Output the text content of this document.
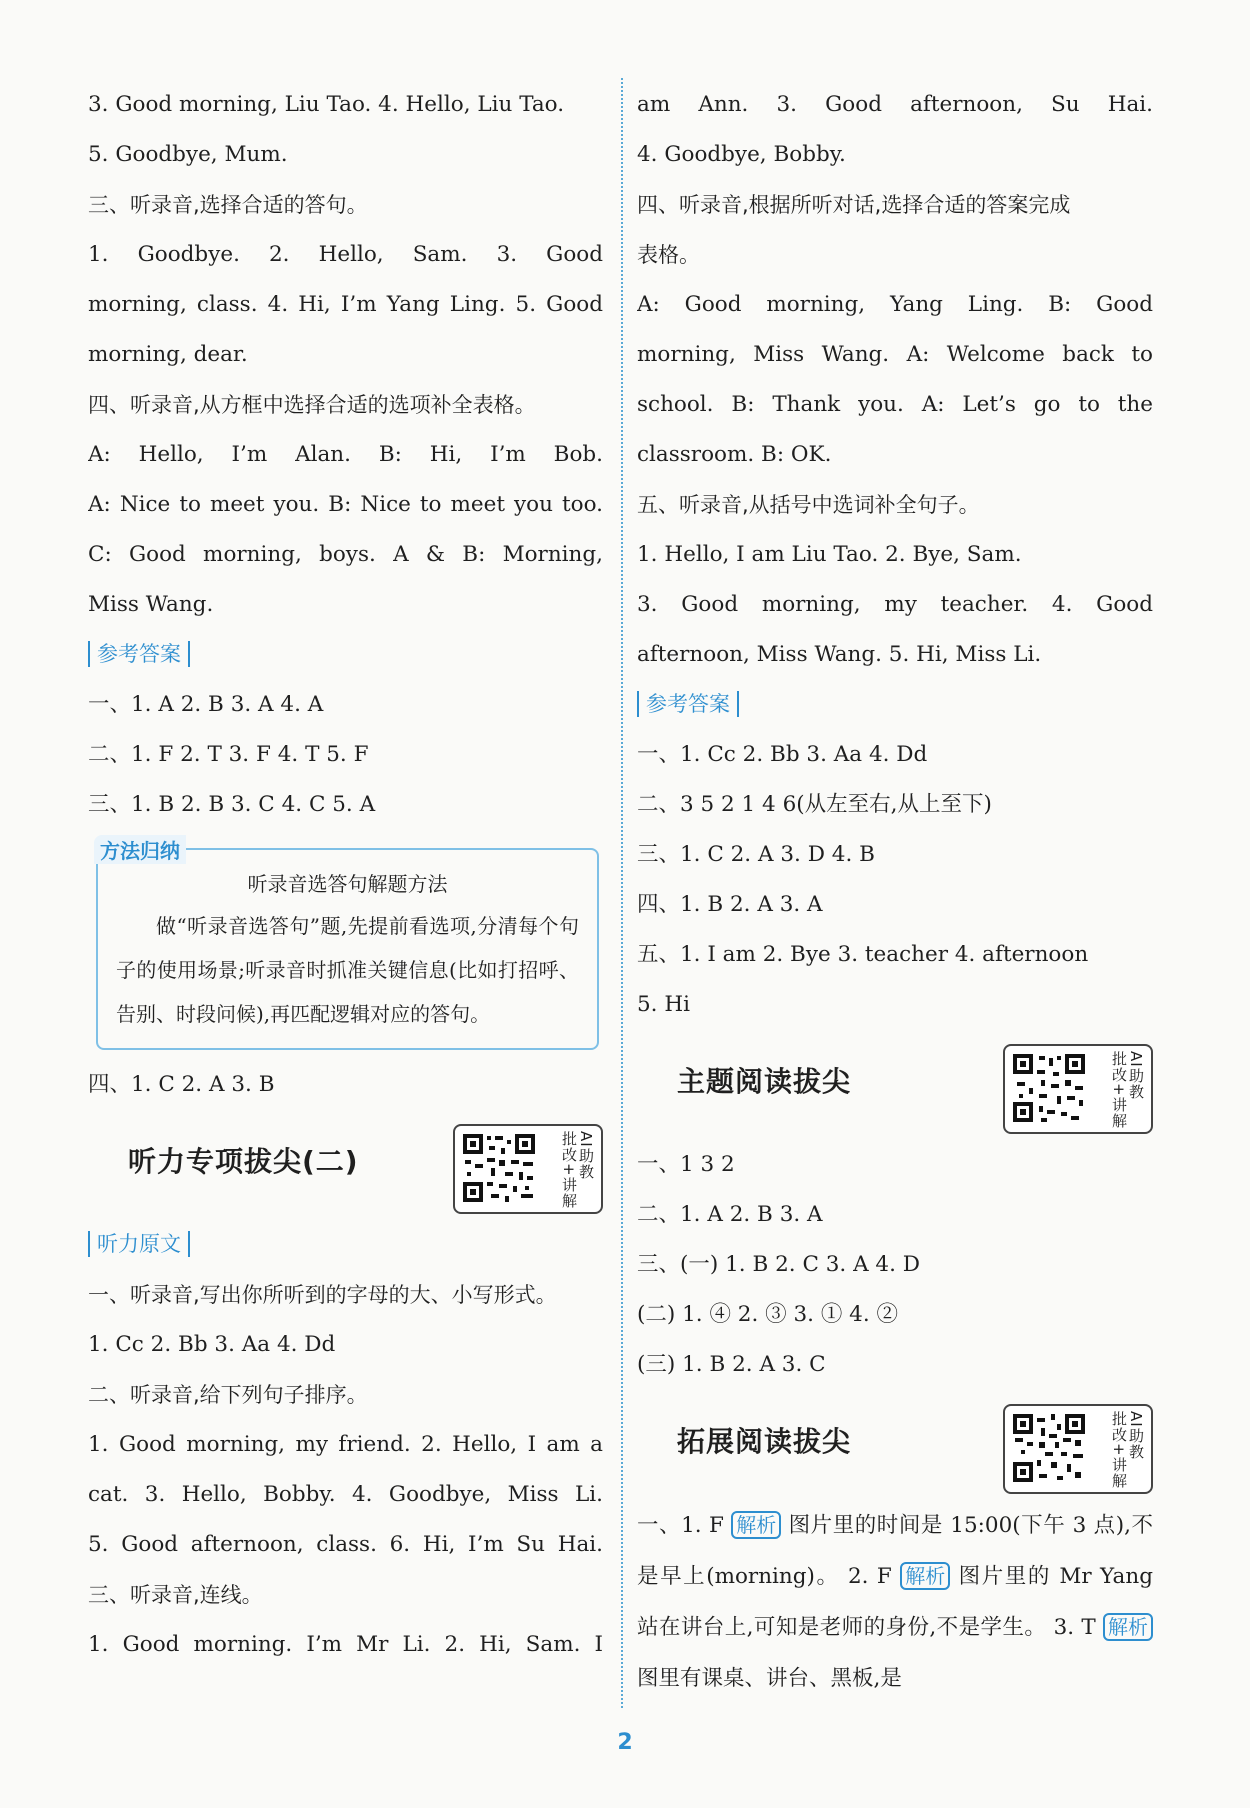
3. Good morning, Liu Tao. 4. Hello, Liu Tao.
5. Goodbye, Mum.
三、听录音,选择合适的答句。
1. Goodbye. 2. Hello, Sam. 3. Good
morning, class. 4. Hi, I’m Yang Ling. 5. Good
morning, dear.
四、听录音,从方框中选择合适的选项补全表格。
A: Hello, I’m Alan. B: Hi, I’m Bob.
A: Nice to meet you. B: Nice to meet you too.
C: Good morning, boys. A & B: Morning,
Miss Wang.
参考答案
一、1. A 2. B 3. A 4. A
二、1. F 2. T 3. F 4. T 5. F
三、1. B 2. B 3. C 4. C 5. A
方法归纳
听录音选答句解题方法
做“听录音选答句”题,先提前看选项,分清每个句子的使用场景;听录音时抓准关键信息(比如打招呼、告别、时段问候),再匹配逻辑对应的答句。
四、1. C 2. A 3. B
听力专项拔尖(二)	批改+讲解 AI助教
听力原文
一、听录音,写出你所听到的字母的大、小写形式。
1. Cc 2. Bb 3. Aa 4. Dd
二、听录音,给下列句子排序。
1. Good morning, my friend. 2. Hello, I am a
cat. 3. Hello, Bobby. 4. Goodbye, Miss Li.
5. Good afternoon, class. 6. Hi, I’m Su Hai.
三、听录音,连线。
1. Good morning. I’m Mr Li. 2. Hi, Sam. I
am Ann. 3. Good afternoon, Su Hai.
4. Goodbye, Bobby.
四、听录音,根据所听对话,选择合适的答案完成
表格。
A: Good morning, Yang Ling. B: Good
morning, Miss Wang. A: Welcome back to
school. B: Thank you. A: Let’s go to the
classroom. B: OK.
五、听录音,从括号中选词补全句子。
1. Hello, I am Liu Tao. 2. Bye, Sam.
3. Good morning, my teacher. 4. Good
afternoon, Miss Wang. 5. Hi, Miss Li.
参考答案
一、1. Cc 2. Bb 3. Aa 4. Dd
二、3 5 2 1 4 6(从左至右,从上至下)
三、1. C 2. A 3. D 4. B
四、1. B 2. A 3. A
五、1. I am 2. Bye 3. teacher 4. afternoon
5. Hi
主题阅读拔尖	批改+讲解 AI助教
一、1 3 2
二、1. A 2. B 3. A
三、(一) 1. B 2. C 3. A 4. D
(二) 1. ④ 2. ③ 3. ① 4. ②
(三) 1. B 2. A 3. C
拓展阅读拔尖	批改+讲解 AI助教
一、1. F 解析 图片里的时间是 15:00(下午 3 点),不是早上(morning)。 2. F 解析 图片里的 Mr Yang 站在讲台上,可知是老师的身份,不是学生。 3. T 解析 图里有课桌、讲台、黑板,是
2
